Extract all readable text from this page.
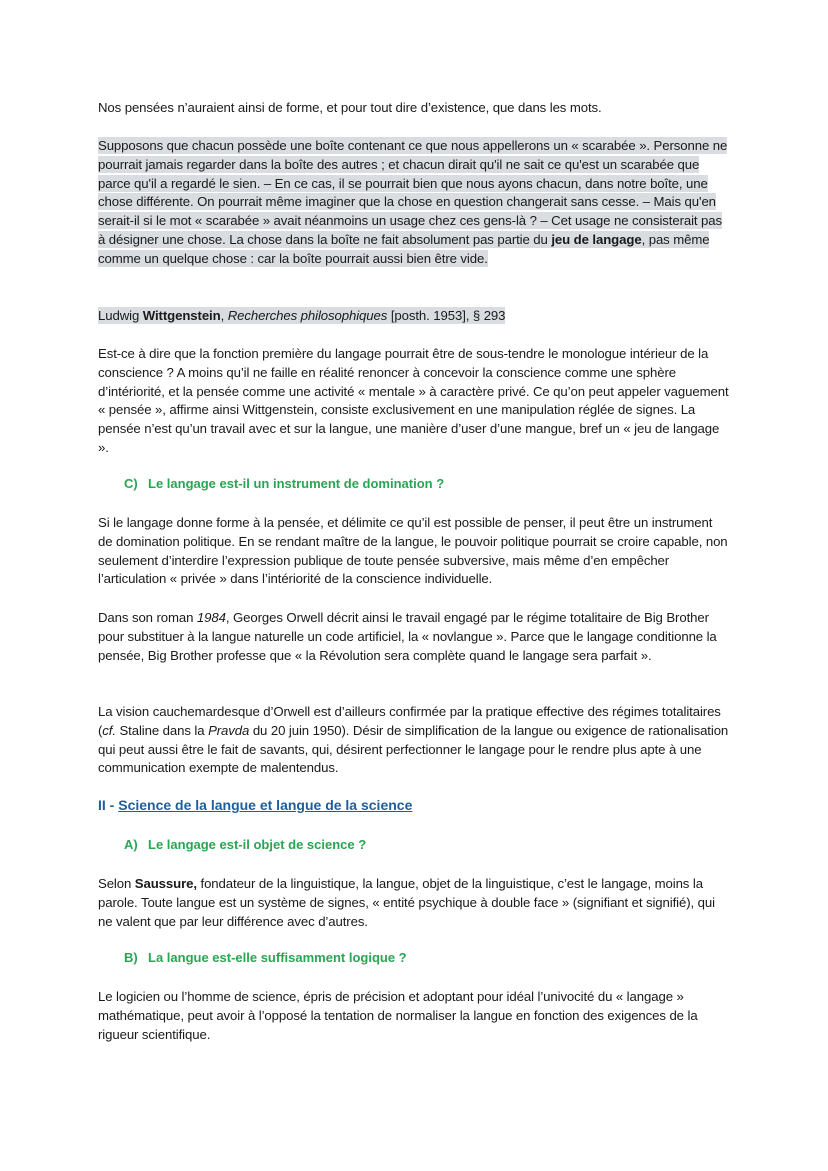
Nos pensées n’auraient ainsi de forme, et pour tout dire d’existence, que dans les mots.

Supposons que chacun possède une boîte contenant ce que nous appellerons un « scarabée ». Personne ne pourrait jamais regarder dans la boîte des autres ; et chacun dirait qu'il ne sait ce qu'est un scarabée que parce qu'il a regardé le sien. – En ce cas, il se pourrait bien que nous ayons chacun, dans notre boîte, une chose différente. On pourrait même imaginer que la chose en question changerait sans cesse. – Mais qu'en serait-il si le mot « scarabée » avait néanmoins un usage chez ces gens-là ? – Cet usage ne consisterait pas à désigner une chose. La chose dans la boîte ne fait absolument pas partie du jeu de langage, pas même comme un quelque chose : car la boîte pourrait aussi bien être vide.

Ludwig Wittgenstein, Recherches philosophiques [posth. 1953], § 293

Est-ce à dire que la fonction première du langage pourrait être de sous-tendre le monologue intérieur de la conscience ? A moins qu’il ne faille en réalité renoncer à concevoir la conscience comme une sphère d’intériorité, et la pensée comme une activité « mentale » à caractère privé. Ce qu’on peut appeler vaguement « pensée », affirme ainsi Wittgenstein, consiste exclusivement en une manipulation réglée de signes. La pensée n’est qu’un travail avec et sur la langue, une manière d’user d’une mangue, bref un « jeu de langage ».

C) Le langage est-il un instrument de domination ?

Si le langage donne forme à la pensée, et délimite ce qu’il est possible de penser, il peut être un instrument de domination politique. En se rendant maître de la langue, le pouvoir politique pourrait se croire capable, non seulement d’interdire l’expression publique de toute pensée subversive, mais même d’en empêcher l’articulation « privée » dans l’intériorité de la conscience individuelle.

Dans son roman 1984, Georges Orwell décrit ainsi le travail engagé par le régime totalitaire de Big Brother pour substituer à la langue naturelle un code artificiel, la « novlangue ». Parce que le langage conditionne la pensée, Big Brother professe que « la Révolution sera complète quand le langage sera parfait ».

La vision cauchemardesque d’Orwell est d’ailleurs confirmée par la pratique effective des régimes totalitaires (cf. Staline dans la Pravda du 20 juin 1950). Désir de simplification de la langue ou exigence de rationalisation qui peut aussi être le fait de savants, qui, désirent perfectionner le langage pour le rendre plus apte à une communication exempte de malentendus.

II - Science de la langue et langue de la science
A) Le langage est-il objet de science ?

Selon Saussure, fondateur de la linguistique, la langue, objet de la linguistique, c’est le langage, moins la parole. Toute langue est un système de signes, « entité psychique à double face » (signifiant et signifié), qui ne valent que par leur différence avec d’autres.

B) La langue est-elle suffisamment logique ?

Le logicien ou l’homme de science, épris de précision et adoptant pour idéal l’univocité du « langage » mathématique, peut avoir à l’opposé la tentation de normaliser la langue en fonction des exigences de la rigueur scientifique.
